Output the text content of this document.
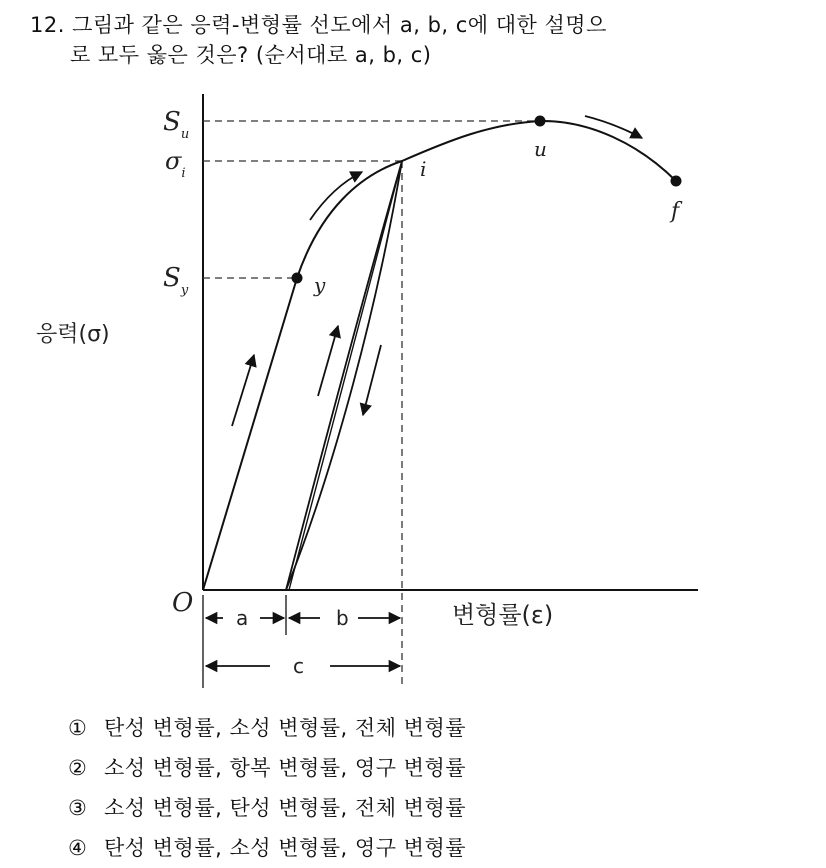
12. 그림과 같은 응력-변형률 선도에서 a, b, c에 대한 설명으
로 모두 옳은 것은? (순서대로 a, b, c)
$S_u$
$\sigma_i$
$S_y$
u
i
y
f
응력(σ)
변형률(ε)
O a	b
c
① 탄성 변형률, 소성 변형률, 전체 변형률
② 소성 변형률, 항복 변형률, 영구 변형률
③ 소성 변형률, 탄성 변형률, 전체 변형률
④ 탄성 변형률, 소성 변형률, 영구 변형률
